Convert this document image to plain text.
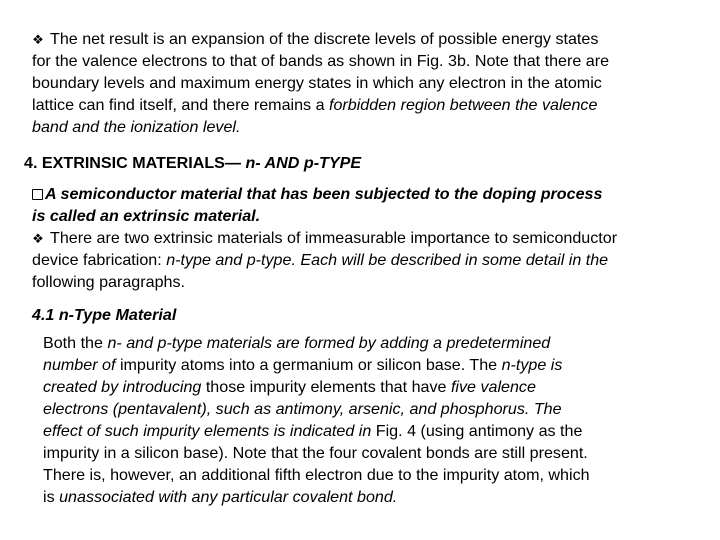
❖ The net result is an expansion of the discrete levels of possible energy states
for the valence electrons to that of bands as shown in Fig. 3b. Note that there are
boundary levels and maximum energy states in which any electron in the atomic
lattice can find itself, and there remains a forbidden region between the valence
band and the ionization level.
4. EXTRINSIC MATERIALS— n- AND p-TYPE
A semiconductor material that has been subjected to the doping process
is called an extrinsic material.
❖ There are two extrinsic materials of immeasurable importance to semiconductor
device fabrication: n-type and p-type. Each will be described in some detail in the
following paragraphs.
4.1 n-Type Material
Both the n- and p-type materials are formed by adding a predetermined
number of impurity atoms into a germanium or silicon base. The n-type is
created by introducing those impurity elements that have five valence
electrons (pentavalent), such as antimony, arsenic, and phosphorus. The
effect of such impurity elements is indicated in Fig. 4 (using antimony as the
impurity in a silicon base). Note that the four covalent bonds are still present.
There is, however, an additional fifth electron due to the impurity atom, which
is unassociated with any particular covalent bond.
